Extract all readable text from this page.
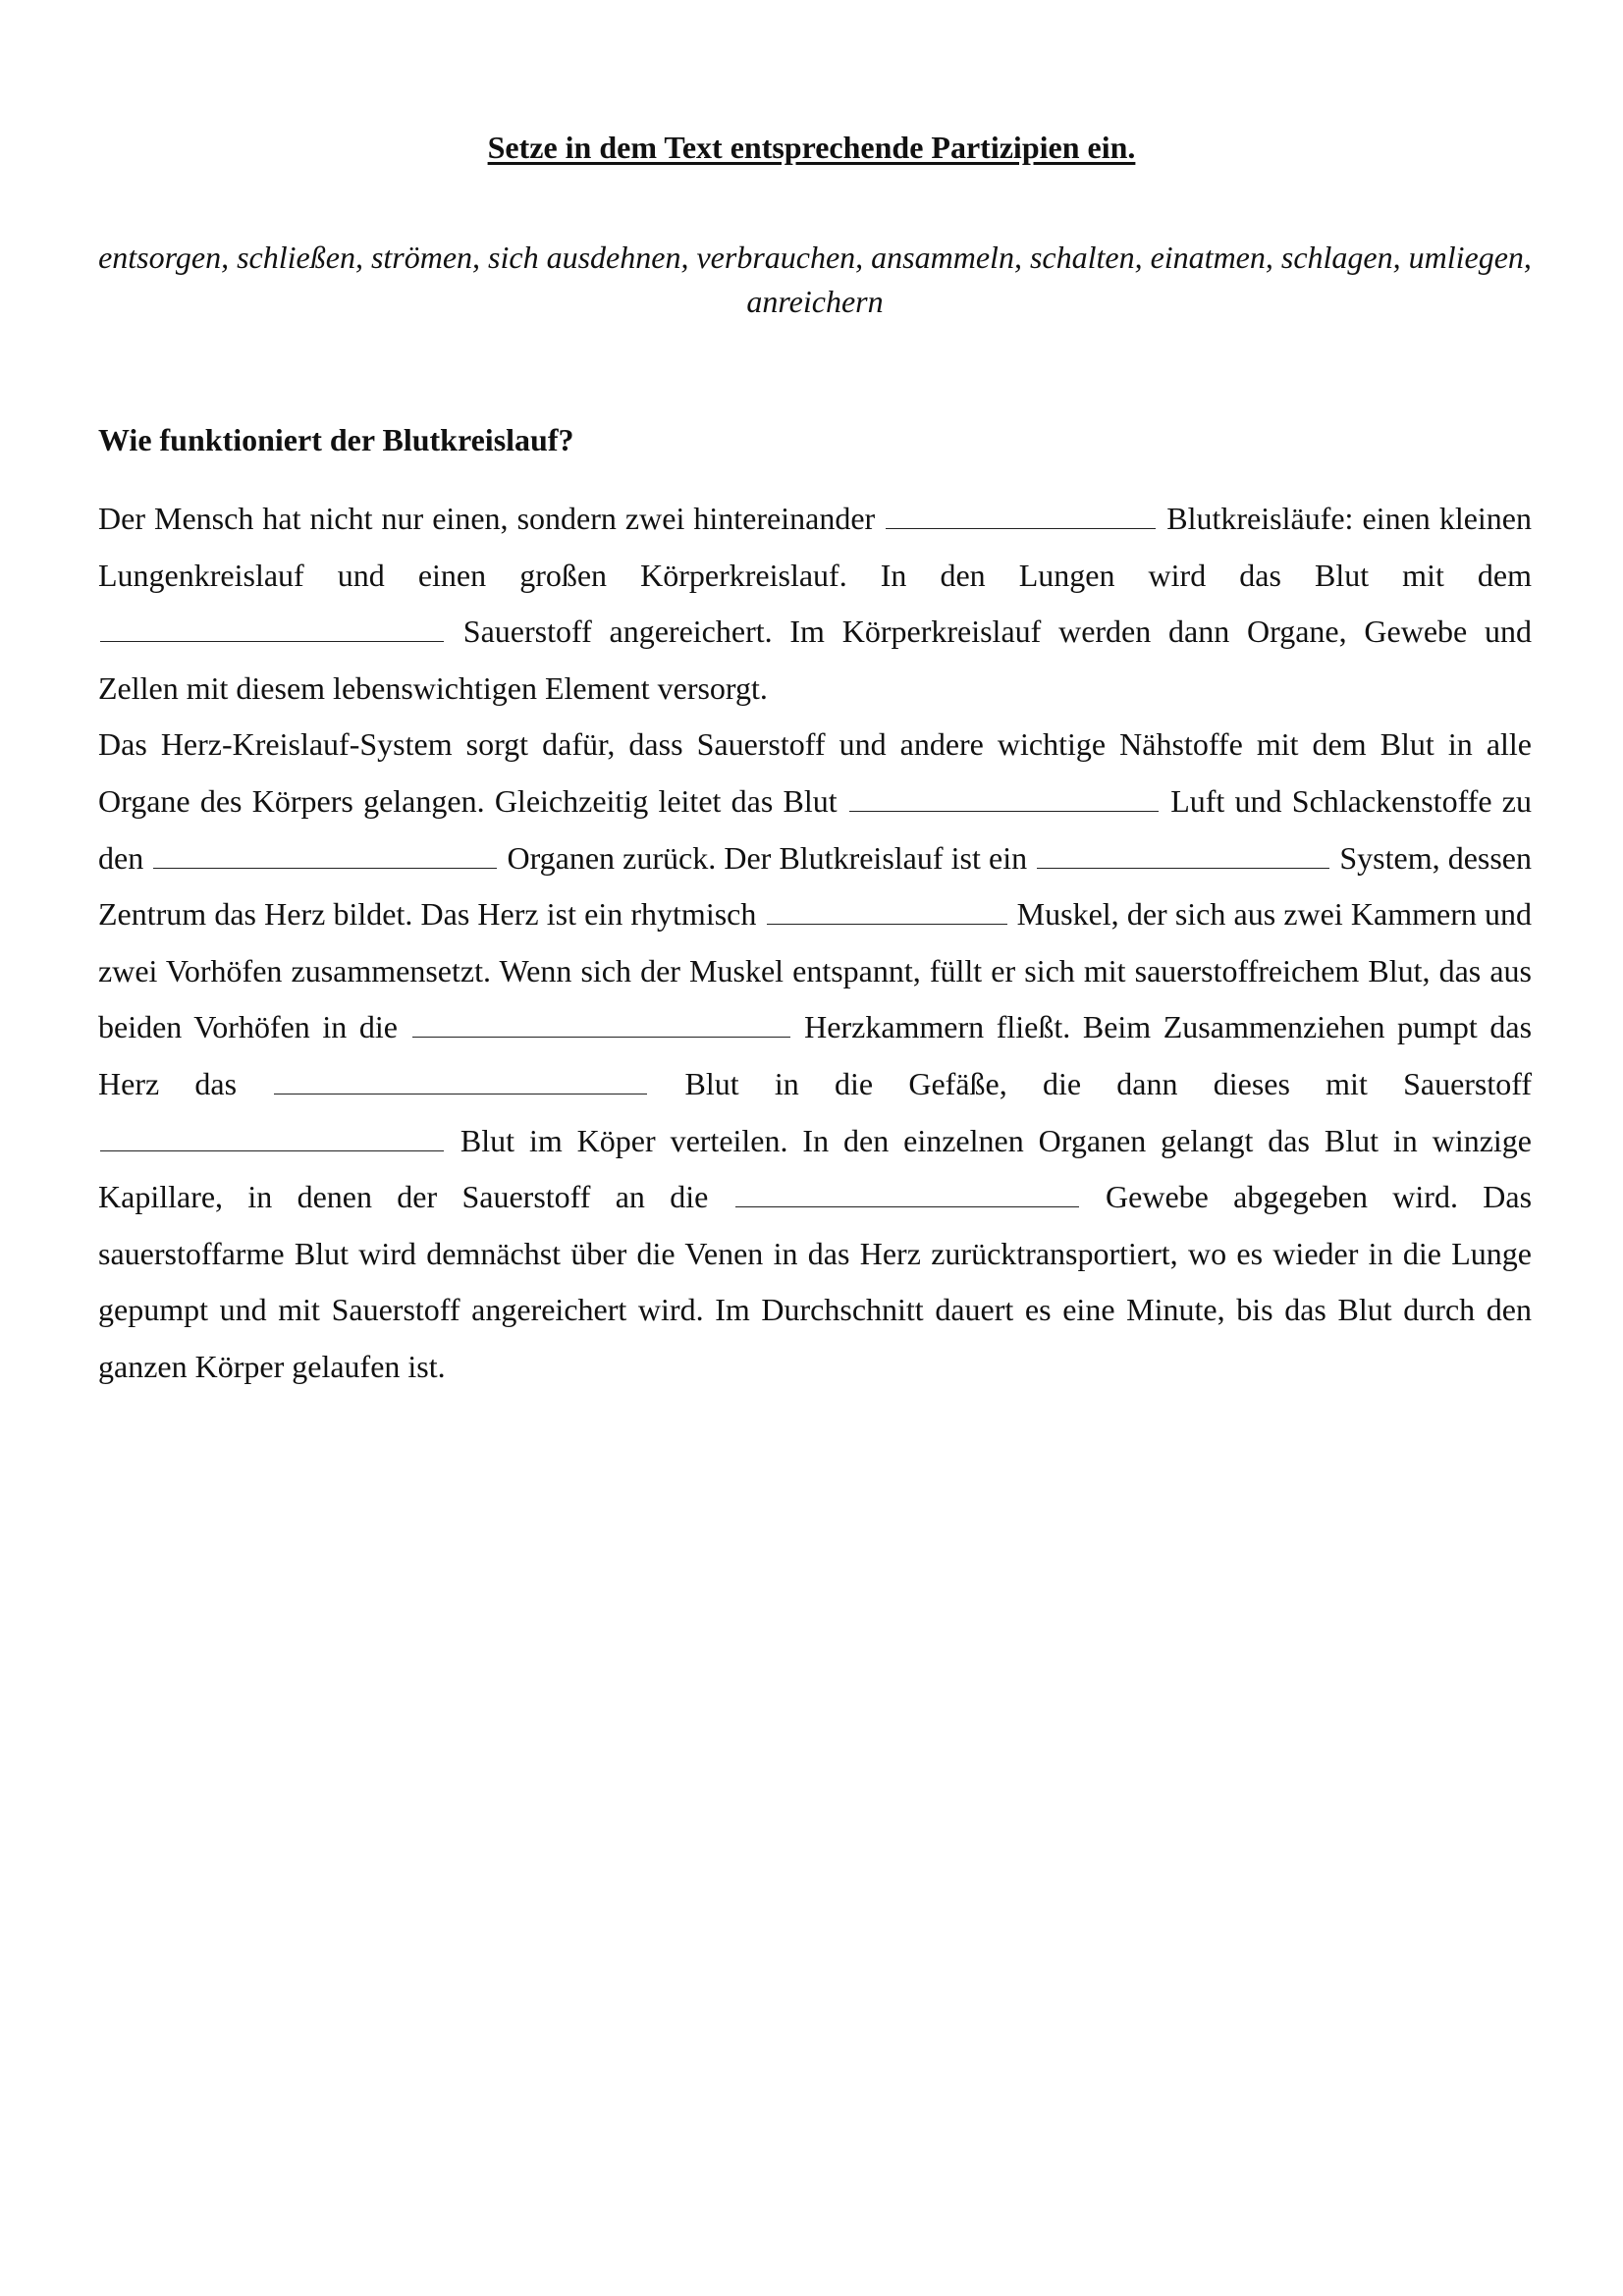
Setze in dem Text entsprechende Partizipien ein.
entsorgen, schließen, strömen, sich ausdehnen, verbrauchen, ansammeln, schalten, einatmen, schlagen, umliegen, anreichern
Wie funktioniert der Blutkreislauf?

Der Mensch hat nicht nur einen, sondern zwei hintereinander	Blutkreisläufe: einen kleinen Lungenkreislauf und einen großen Körperkreislauf. In den Lungen wird das Blut mit dem  Sauerstoff angereichert. Im Körperkreislauf werden dann Organe, Gewebe und Zellen mit diesem lebenswichtigen Element versorgt.

Das Herz-Kreislauf-System sorgt dafür, dass Sauerstoff und andere wichtige Nähstoffe mit dem Blut in alle Organe des Körpers gelangen. Gleichzeitig leitet das Blut	Luft und Schlackenstoffe zu den	Organen zurück. Der Blutkreislauf ist ein	System, dessen Zentrum das Herz bildet. Das Herz ist ein rhytmisch	Muskel, der sich aus zwei Kammern und zwei Vorhöfen zusammensetzt. Wenn sich der Muskel entspannt, füllt er sich mit sauerstoffreichem Blut, das aus beiden Vorhöfen in die	Herzkammern fließt. Beim Zusammenziehen pumpt das Herz das	Blut in die Gefäße, die dann dieses mit Sauerstoff  Blut im Köper verteilen. In den einzelnen Organen gelangt das Blut in winzige Kapillare, in denen der Sauerstoff an die	Gewebe abgegeben wird. Das sauerstoffarme Blut wird demnächst über die Venen in das Herz zurücktransportiert, wo es wieder in die Lunge gepumpt und mit Sauerstoff angereichert wird. Im Durchschnitt dauert es eine Minute, bis das Blut durch den ganzen Körper gelaufen ist.
